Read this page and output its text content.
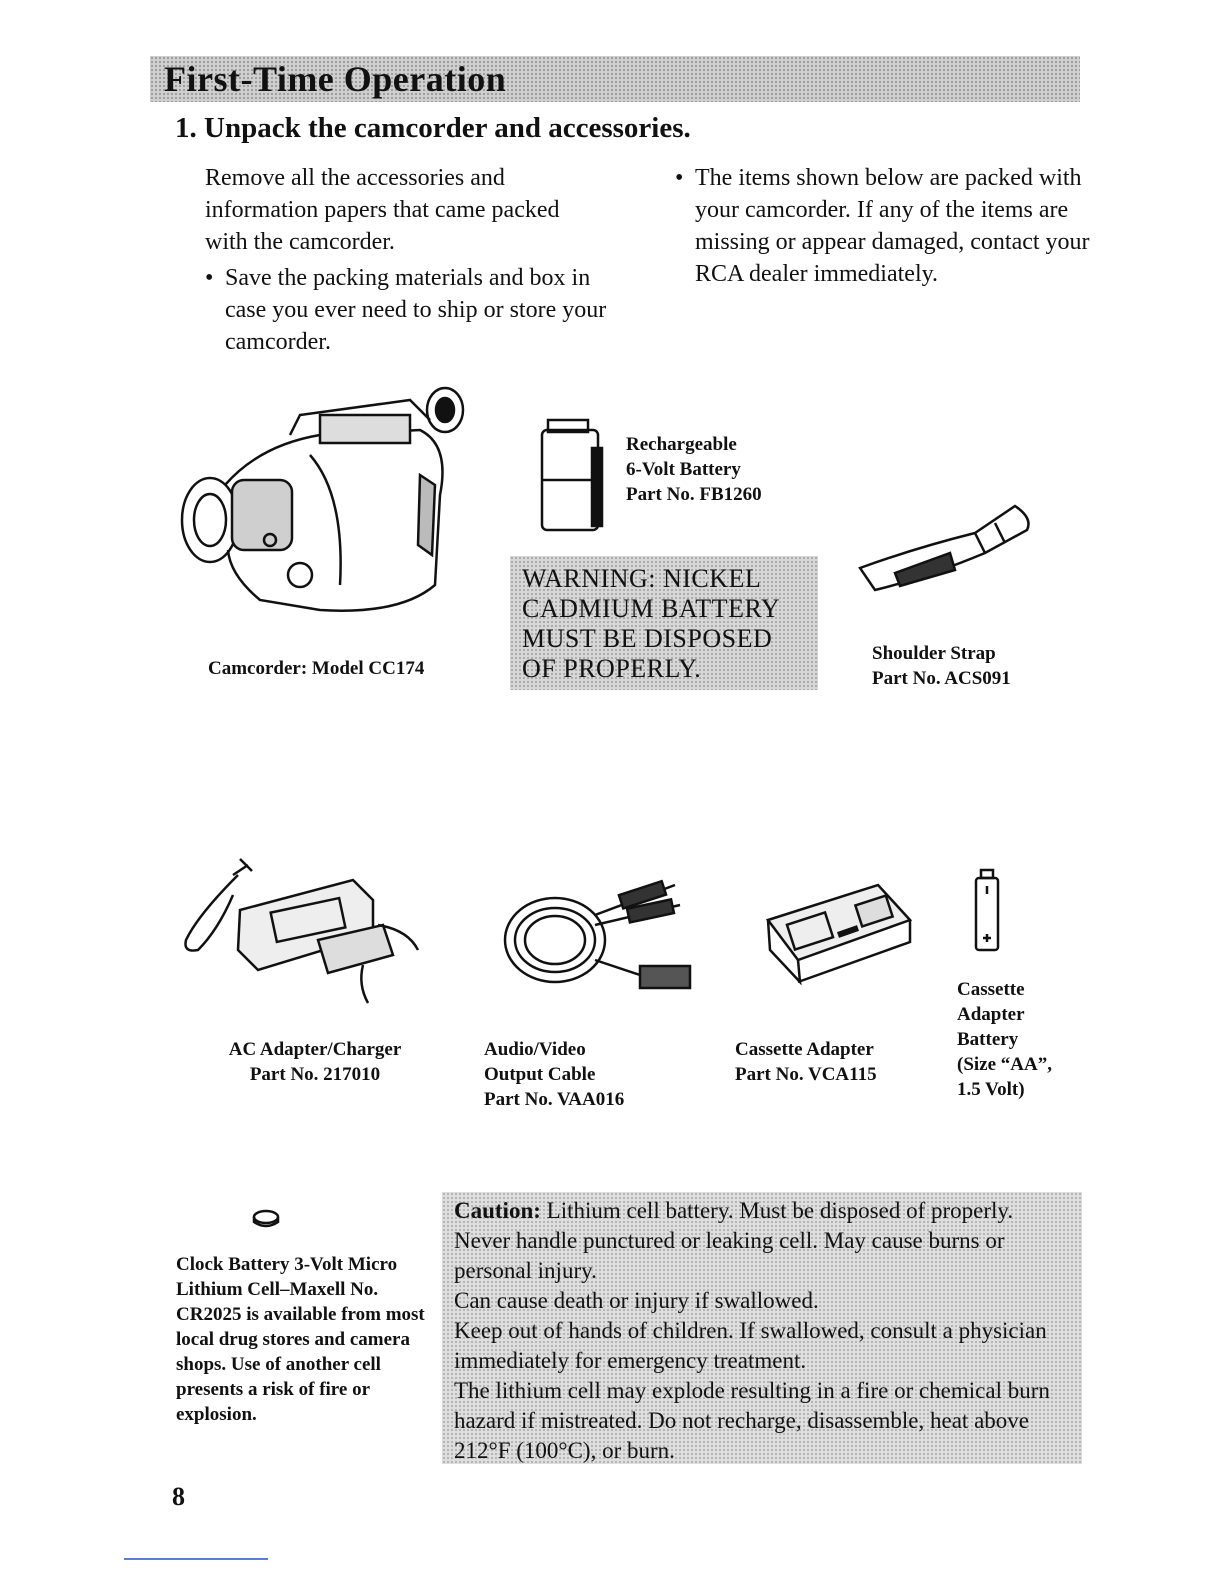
First-Time Operation
1. Unpack the camcorder and accessories.
Remove all the accessories and information papers that came packed with the camcorder.
• Save the packing materials and box in case you ever need to ship or store your camcorder.
• The items shown below are packed with your camcorder. If any of the items are missing or appear damaged, contact your RCA dealer immediately.
Camcorder: Model CC174
Rechargeable
6-Volt Battery
Part No. FB1260
WARNING: NICKEL
CADMIUM BATTERY
MUST BE DISPOSED
OF PROPERLY.
Shoulder Strap
Part No. ACS091
AC Adapter/Charger
Part No. 217010
Audio/Video
Output Cable
Part No. VAA016
Cassette Adapter
Part No. VCA115
Cassette
Adapter
Battery
(Size “AA”,
1.5 Volt)
Clock Battery 3-Volt Micro Lithium Cell–Maxell No. CR2025 is available from most local drug stores and camera shops. Use of another cell presents a risk of fire or explosion.
Caution: Lithium cell battery. Must be disposed of properly.
Never handle punctured or leaking cell. May cause burns or personal injury.
Can cause death or injury if swallowed.
Keep out of hands of children. If swallowed, consult a physician immediately for emergency treatment.
The lithium cell may explode resulting in a fire or chemical burn hazard if mistreated. Do not recharge, disassemble, heat above 212°F (100°C), or burn.
8
